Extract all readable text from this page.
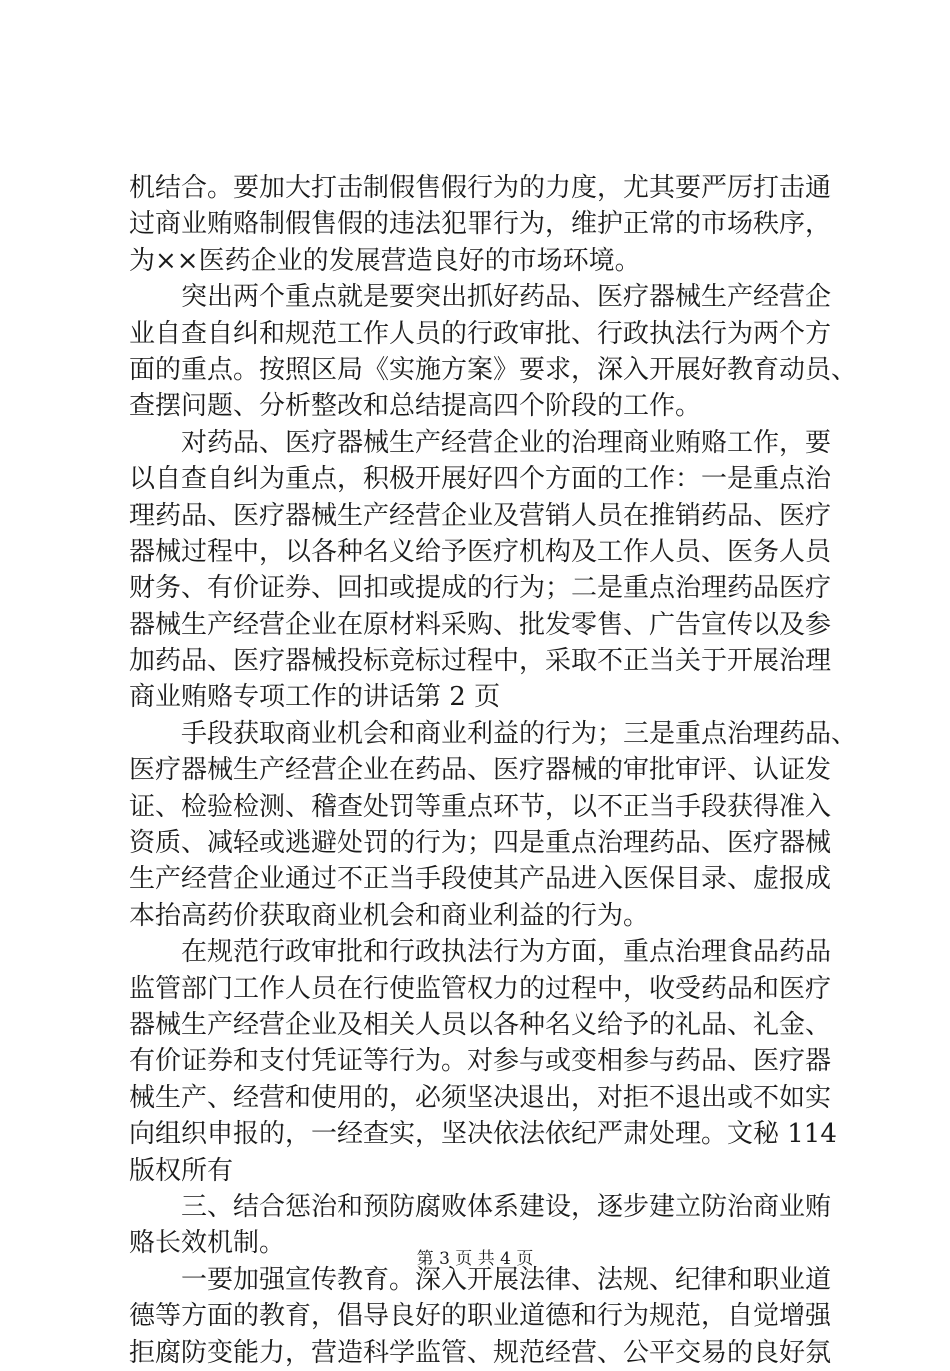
机结合。要加大打击制假售假行为的力度，尤其要严厉打击通
过商业贿赂制假售假的违法犯罪行为，维护正常的市场秩序，
为××医药企业的发展营造良好的市场环境。
突出两个重点就是要突出抓好药品、医疗器械生产经营企
业自查自纠和规范工作人员的行政审批、行政执法行为两个方
面的重点。按照区局《实施方案》要求，深入开展好教育动员、
查摆问题、分析整改和总结提高四个阶段的工作。
对药品、医疗器械生产经营企业的治理商业贿赂工作，要
以自查自纠为重点，积极开展好四个方面的工作：一是重点治
理药品、医疗器械生产经营企业及营销人员在推销药品、医疗
器械过程中，以各种名义给予医疗机构及工作人员、医务人员
财务、有价证券、回扣或提成的行为；二是重点治理药品医疗
器械生产经营企业在原材料采购、批发零售、广告宣传以及参
加药品、医疗器械投标竞标过程中，采取不正当关于开展治理
商业贿赂专项工作的讲话第 2 页
手段获取商业机会和商业利益的行为；三是重点治理药品、
医疗器械生产经营企业在药品、医疗器械的审批审评、认证发
证、检验检测、稽查处罚等重点环节，以不正当手段获得准入
资质、减轻或逃避处罚的行为；四是重点治理药品、医疗器械
生产经营企业通过不正当手段使其产品进入医保目录、虚报成
本抬高药价获取商业机会和商业利益的行为。
在规范行政审批和行政执法行为方面，重点治理食品药品
监管部门工作人员在行使监管权力的过程中，收受药品和医疗
器械生产经营企业及相关人员以各种名义给予的礼品、礼金、
有价证券和支付凭证等行为。对参与或变相参与药品、医疗器
械生产、经营和使用的，必须坚决退出，对拒不退出或不如实
向组织申报的，一经查实，坚决依法依纪严肃处理。文秘 114
版权所有
三、结合惩治和预防腐败体系建设，逐步建立防治商业贿
赂长效机制。
一要加强宣传教育。深入开展法律、法规、纪律和职业道
德等方面的教育，倡导良好的职业道德和行为规范，自觉增强
拒腐防变能力，营造科学监管、规范经营、公平交易的良好氛
第 3 页 共 4 页
